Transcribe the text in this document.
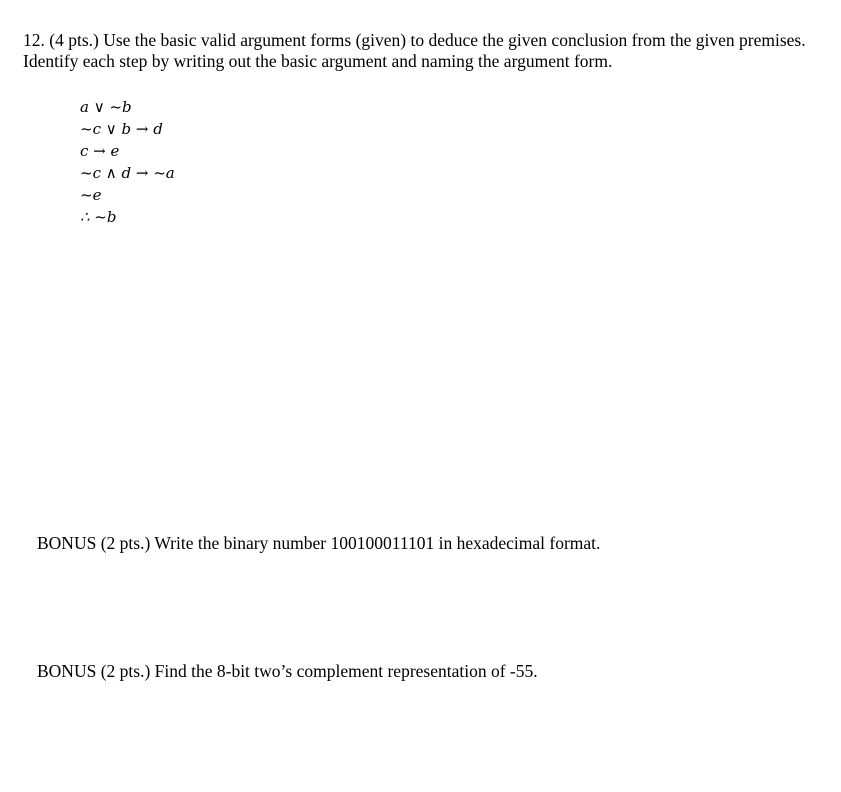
12. (4 pts.) Use the basic valid argument forms (given) to deduce the given conclusion from the given premises. Identify each step by writing out the basic argument and naming the argument form.

a ∨ ~b
~c ∨ b → d
c → e
~c ∧ d → ~a
~e
∴ ~b

BONUS (2 pts.) Write the binary number 100100011101 in hexadecimal format.

BONUS (2 pts.) Find the 8-bit two’s complement representation of -55.
